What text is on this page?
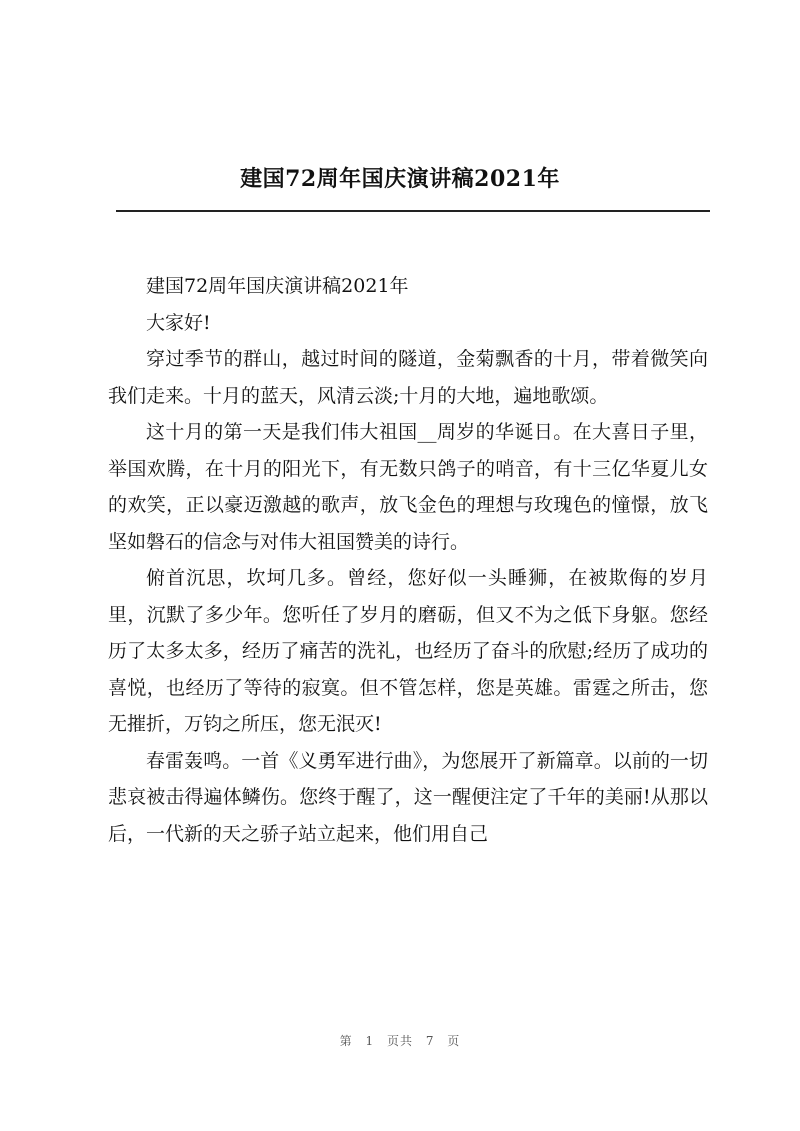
建国72周年国庆演讲稿2021年

建国72周年国庆演讲稿2021年

大家好!

穿过季节的群山，越过时间的隧道，金菊飘香的十月，带着微笑向我们走来。十月的蓝天，风清云淡;十月的大地，遍地歌颂。

这十月的第一天是我们伟大祖国__周岁的华诞日。在大喜日子里，举国欢腾，在十月的阳光下，有无数只鸽子的哨音，有十三亿华夏儿女的欢笑，正以豪迈激越的歌声，放飞金色的理想与玫瑰色的憧憬，放飞坚如磐石的信念与对伟大祖国赞美的诗行。

俯首沉思，坎坷几多。曾经，您好似一头睡狮，在被欺侮的岁月里，沉默了多少年。您听任了岁月的磨砺，但又不为之低下身躯。您经历了太多太多，经历了痛苦的洗礼，也经历了奋斗的欣慰;经历了成功的喜悦，也经历了等待的寂寞。但不管怎样，您是英雄。雷霆之所击，您无摧折，万钧之所压，您无泯灭!

春雷轰鸣。一首《义勇军进行曲》，为您展开了新篇章。以前的一切悲哀被击得遍体鳞伤。您终于醒了，这一醒便注定了千年的美丽!从那以后，一代新的天之骄子站立起来，他们用自己

第 1 页共 7 页
